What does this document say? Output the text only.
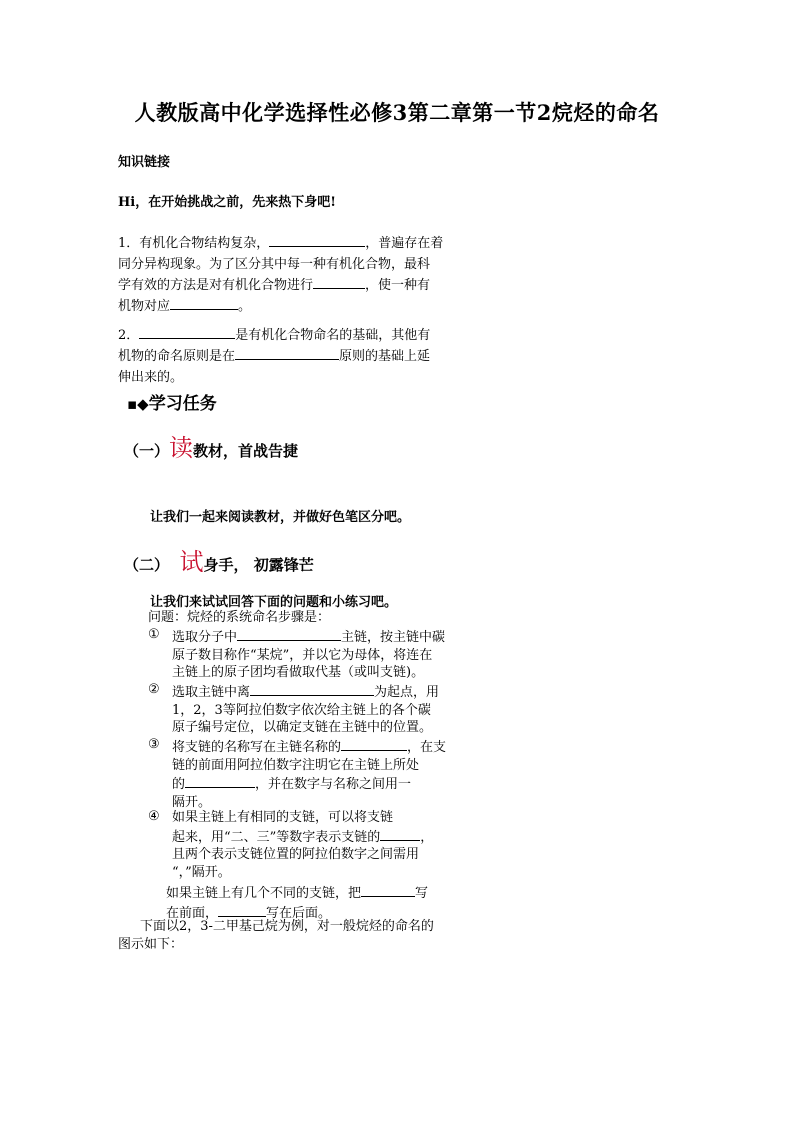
人教版高中化学选择性必修3第二章第一节2烷烃的命名
知识链接
Hi，在开始挑战之前，先来热下身吧!
1．有机化合物结构复杂，	，普遍存在着
同分异构现象。为了区分其中每一种有机化合物，最科
学有效的方法是对有机化合物进行	，使一种有
机物对应	。
2．	是有机化合物命名的基础，其他有
机物的命名原则是在	原则的基础上延
伸出来的。
▪◆学习任务
（一）读教材，首战告捷
让我们一起来阅读教材，并做好色笔区分吧。
（二） 试身手， 初露锋芒
让我们来试试回答下面的问题和小练习吧。
问题：烷烃的系统命名步骤是：
① 选取分子中	主链，按主链中碳
原子数目称作“某烷”，并以它为母体，将连在
主链上的原子团均看做取代基（或叫支链)。
② 选取主链中离	为起点，用
1，2，3等阿拉伯数字依次给主链上的各个碳
原子编号定位，以确定支链在主链中的位置。
③ 将支链的名称写在主链名称的	，在支
链的前面用阿拉伯数字注明它在主链上所处
的	，并在数字与名称之间用一
隔开。
④ 如果主链上有相同的支链，可以将支链
起来，用“二、三”等数字表示支链的	，
且两个表示支链位置的阿拉伯数字之间需用
“，”隔开。
如果主链上有几个不同的支链，把	写
在前面，	写在后面。
下面以2，3-二甲基己烷为例，对一般烷烃的命名的
图示如下：
